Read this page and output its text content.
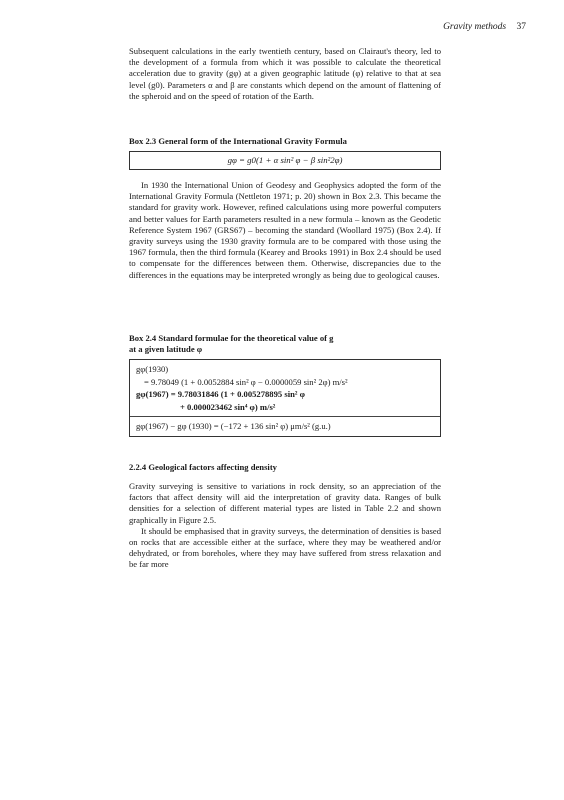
Gravity methods 37

Subsequent calculations in the early twentieth century, based on Clairaut's theory, led to the development of a formula from which it was possible to calculate the theoretical acceleration due to gravity (gφ) at a given geographic latitude (φ) relative to that at sea level (g0). Parameters α and β are constants which depend on the amount of flattening of the spheroid and on the speed of rotation of the Earth.

Box 2.3 General form of the International Gravity Formula

gφ = g0(1 + α sin² φ − β sin²2φ)

In 1930 the International Union of Geodesy and Geophysics adopted the form of the International Gravity Formula (Nettleton 1971; p. 20) shown in Box 2.3. This became the standard for gravity work. However, refined calculations using more powerful computers and better values for Earth parameters resulted in a new formula – known as the Geodetic Reference System 1967 (GRS67) – becoming the standard (Woollard 1975) (Box 2.4). If gravity surveys using the 1930 gravity formula are to be compared with those using the 1967 formula, then the third formula (Kearey and Brooks 1991) in Box 2.4 should be used to compensate for the differences between them. Otherwise, discrepancies due to the differences in the equations may be interpreted wrongly as being due to geological causes.

Box 2.4 Standard formulae for the theoretical value of g

at a given latitude φ

gφ(1930)
= 9.78049 (1 + 0.0052884 sin² φ − 0.0000059 sin² 2φ) m/s²
gφ(1967) = 9.78031846 (1 + 0.005278895 sin² φ
+ 0.000023462 sin⁴ φ) m/s²
gφ(1967) − gφ (1930) = (−172 + 136 sin² φ) μm/s² (g.u.)

2.2.4 Geological factors affecting density

Gravity surveying is sensitive to variations in rock density, so an appreciation of the factors that affect density will aid the interpretation of gravity data. Ranges of bulk densities for a selection of different material types are listed in Table 2.2 and shown graphically in Figure 2.5.

It should be emphasised that in gravity surveys, the determination of densities is based on rocks that are accessible either at the surface, where they may be weathered and/or dehydrated, or from boreholes, where they may have suffered from stress relaxation and be far more
